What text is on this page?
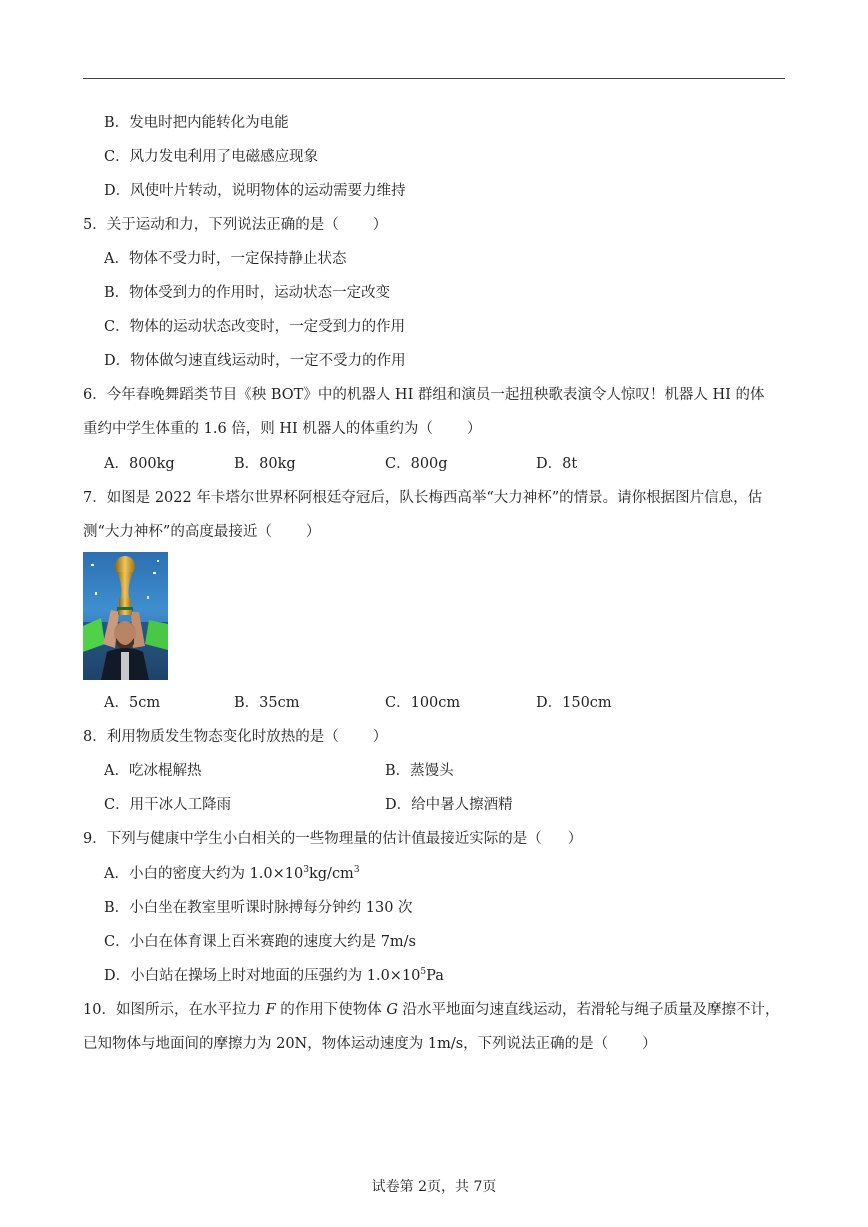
B．发电时把内能转化为电能
C．风力发电利用了电磁感应现象
D．风使叶片转动，说明物体的运动需要力维持
5．关于运动和力，下列说法正确的是（ ）
A．物体不受力时，一定保持静止状态
B．物体受到力的作用时，运动状态一定改变
C．物体的运动状态改变时，一定受到力的作用
D．物体做匀速直线运动时，一定不受力的作用
6．今年春晚舞蹈类节目《秧 BOT》中的机器人 HI 群组和演员一起扭秧歌表演令人惊叹！机器人 HI 的体
重约中学生体重的 1.6 倍，则 HI 机器人的体重约为（ ）
A．800kg	B．80kg	C．800g	D．8t
7．如图是 2022 年卡塔尔世界杯阿根廷夺冠后，队长梅西高举“大力神杯”的情景。请你根据图片信息，估
测“大力神杯”的高度最接近（ ）
A．5cm	B．35cm	C．100cm	D．150cm
8．利用物质发生物态变化时放热的是（ ）
A．吃冰棍解热	B．蒸馒头
C．用干冰人工降雨	D．给中暑人擦酒精
9．下列与健康中学生小白相关的一些物理量的估计值最接近实际的是（ ）
A．小白的密度大约为 $1.0\times 10^3kg/cm^3$
B．小白坐在教室里听课时脉搏每分钟约 130 次
C．小白在体育课上百米赛跑的速度大约是 7m/s
D．小白站在操场上时对地面的压强约为 $1.0\times 10^5Pa$
10．如图所示，在水平拉力 F 的作用下使物体 G 沿水平地面匀速直线运动，若滑轮与绳子质量及摩擦不计，
已知物体与地面间的摩擦力为 20N，物体运动速度为 1m/s，下列说法正确的是（ ）
试卷第 2页，共 7页
